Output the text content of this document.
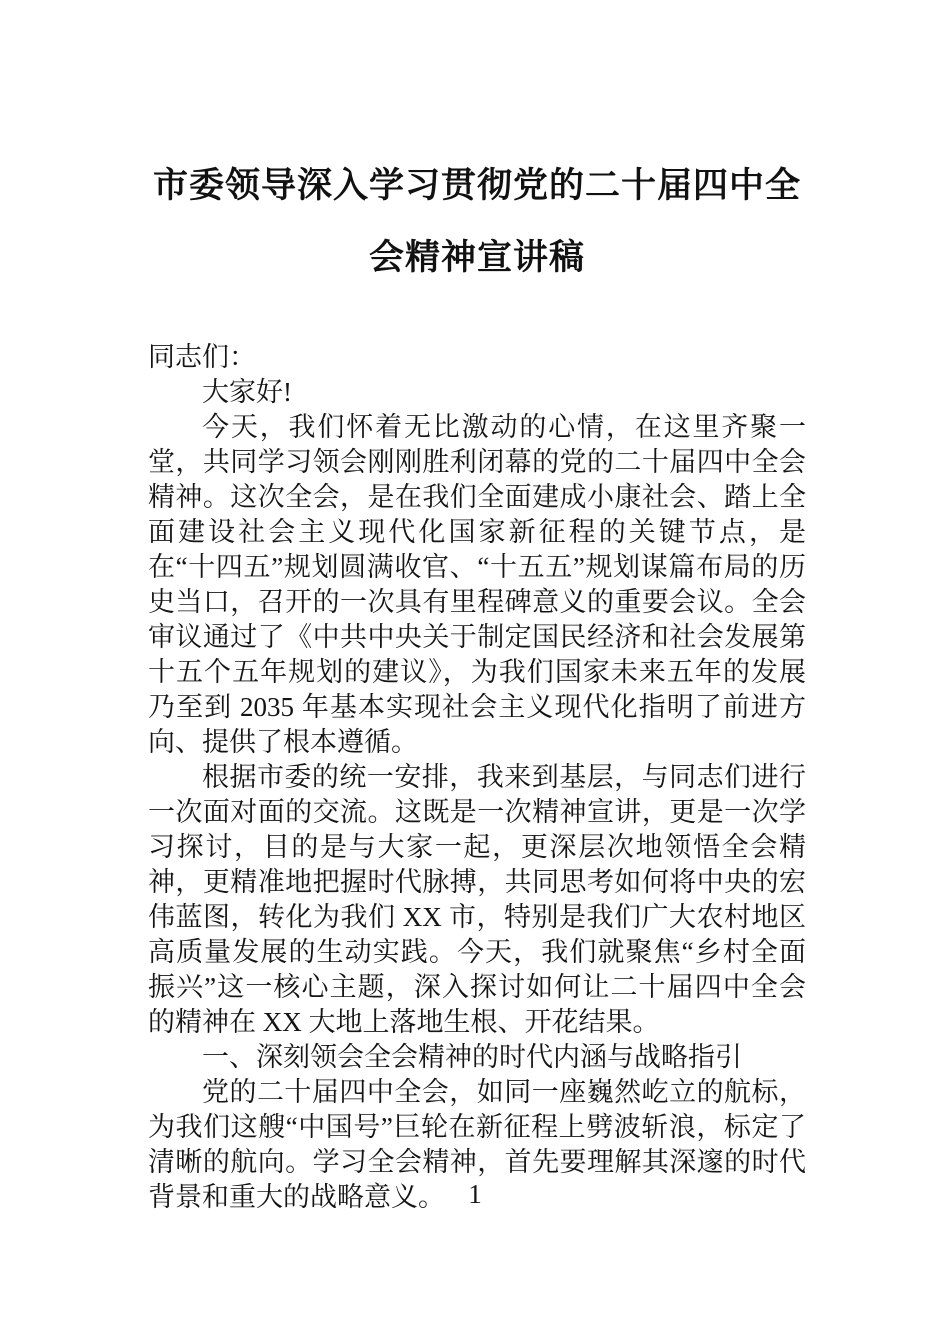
市委领导深入学习贯彻党的二十届四中全会精神宣讲稿

同志们：

大家好!

今天，我们怀着无比激动的心情，在这里齐聚一堂，共同学习领会刚刚胜利闭幕的党的二十届四中全会精神。这次全会，是在我们全面建成小康社会、踏上全面建设社会主义现代化国家新征程的关键节点，是在“十四五”规划圆满收官、“十五五”规划谋篇布局的历史当口，召开的一次具有里程碑意义的重要会议。全会审议通过了《中共中央关于制定国民经济和社会发展第十五个五年规划的建议》，为我们国家未来五年的发展乃至到 2035 年基本实现社会主义现代化指明了前进方向、提供了根本遵循。

根据市委的统一安排，我来到基层，与同志们进行一次面对面的交流。这既是一次精神宣讲，更是一次学习探讨，目的是与大家一起，更深层次地领悟全会精神，更精准地把握时代脉搏，共同思考如何将中央的宏伟蓝图，转化为我们 XX 市，特别是我们广大农村地区高质量发展的生动实践。今天，我们就聚焦“乡村全面振兴”这一核心主题，深入探讨如何让二十届四中全会的精神在 XX 大地上落地生根、开花结果。

一、深刻领会全会精神的时代内涵与战略指引

党的二十届四中全会，如同一座巍然屹立的航标，为我们这艘“中国号”巨轮在新征程上劈波斩浪，标定了清晰的航向。学习全会精神，首先要理解其深邃的时代背景和重大的战略意义。 1
